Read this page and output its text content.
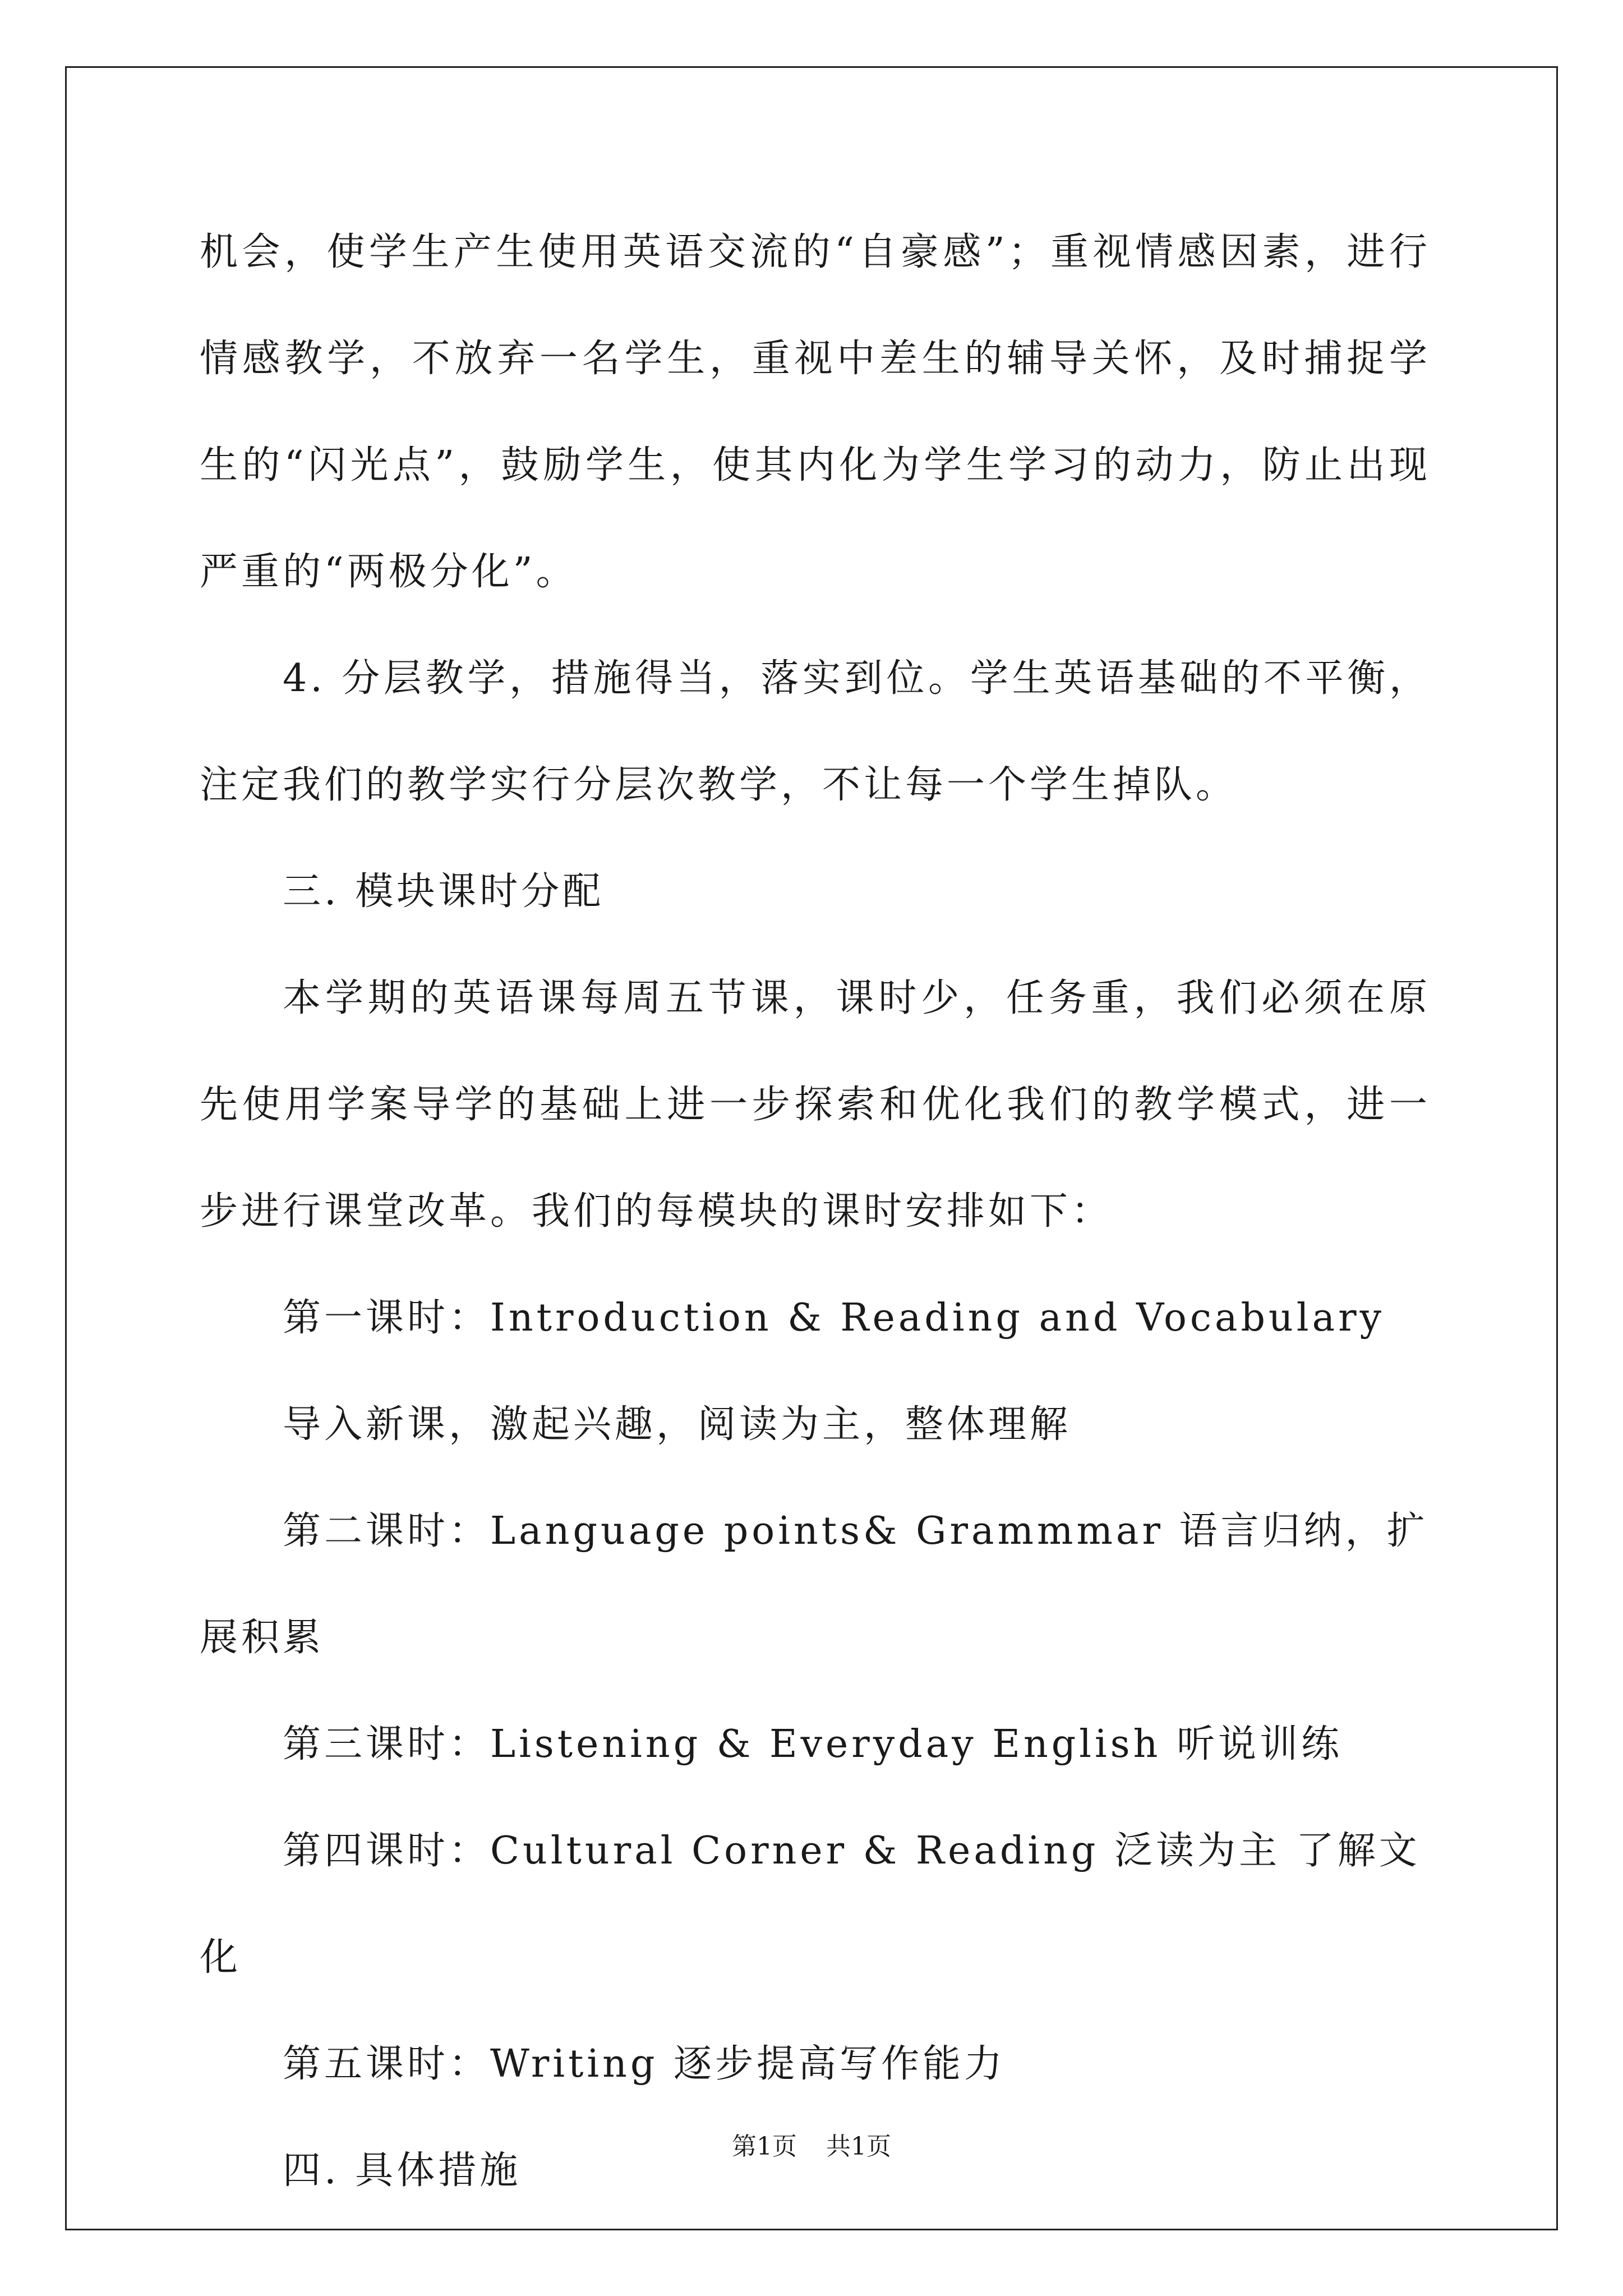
机会，使学生产生使用英语交流的“自豪感”；重视情感因素，进行情感教学，不放弃一名学生，重视中差生的辅导关怀，及时捕捉学生的“闪光点”，鼓励学生，使其内化为学生学习的动力，防止出现严重的“两极分化”。

4. 分层教学，措施得当，落实到位。学生英语基础的不平衡，注定我们的教学实行分层次教学，不让每一个学生掉队。

三. 模块课时分配

本学期的英语课每周五节课，课时少，任务重，我们必须在原先使用学案导学的基础上进一步探索和优化我们的教学模式，进一步进行课堂改革。我们的每模块的课时安排如下：

第一课时：Introduction & Reading and Vocabulary

导入新课，激起兴趣，阅读为主，整体理解

第二课时：Language points& Grammmar 语言归纳，扩展积累

第三课时：Listening & Everyday English 听说训练

第四课时：Cultural Corner & Reading 泛读为主 了解文化

第五课时：Writing 逐步提高写作能力

四. 具体措施

第1页 共1页
